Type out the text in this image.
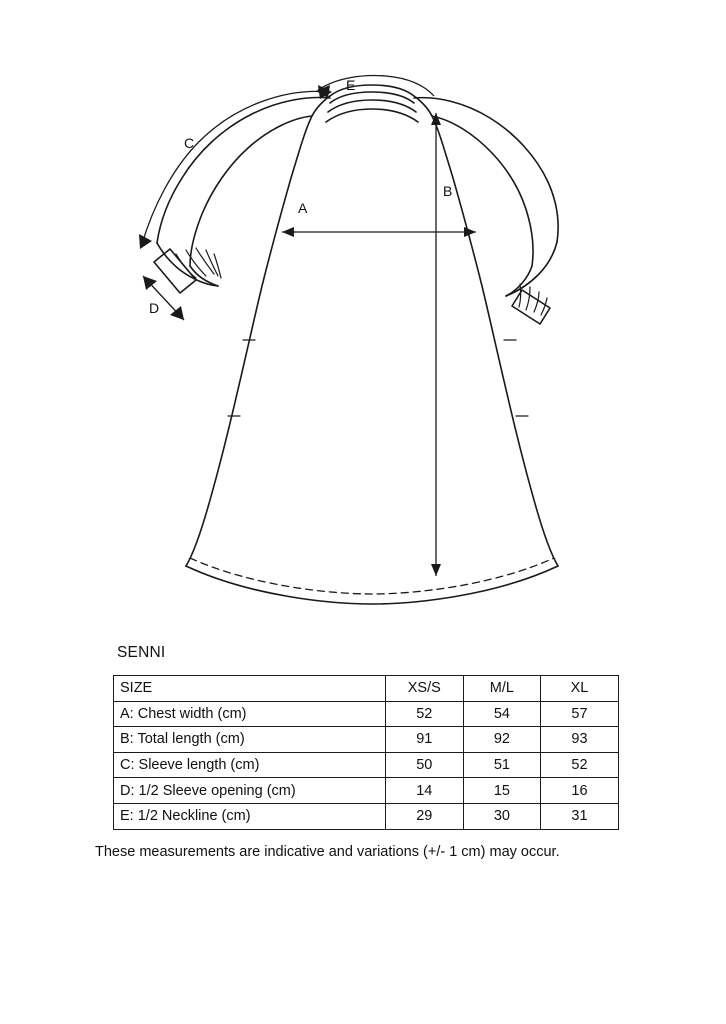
A
B
C
D
E
SENNI
SIZE	XS/S	M/L	XL
A: Chest width (cm)	52	54	57
B: Total length (cm)	91	92	93
C: Sleeve length (cm)	50	51	52
D: 1/2 Sleeve opening (cm)	14	15	16
E: 1/2 Neckline (cm)	29	30	31
These measurements are indicative and variations (+/- 1 cm) may occur.
